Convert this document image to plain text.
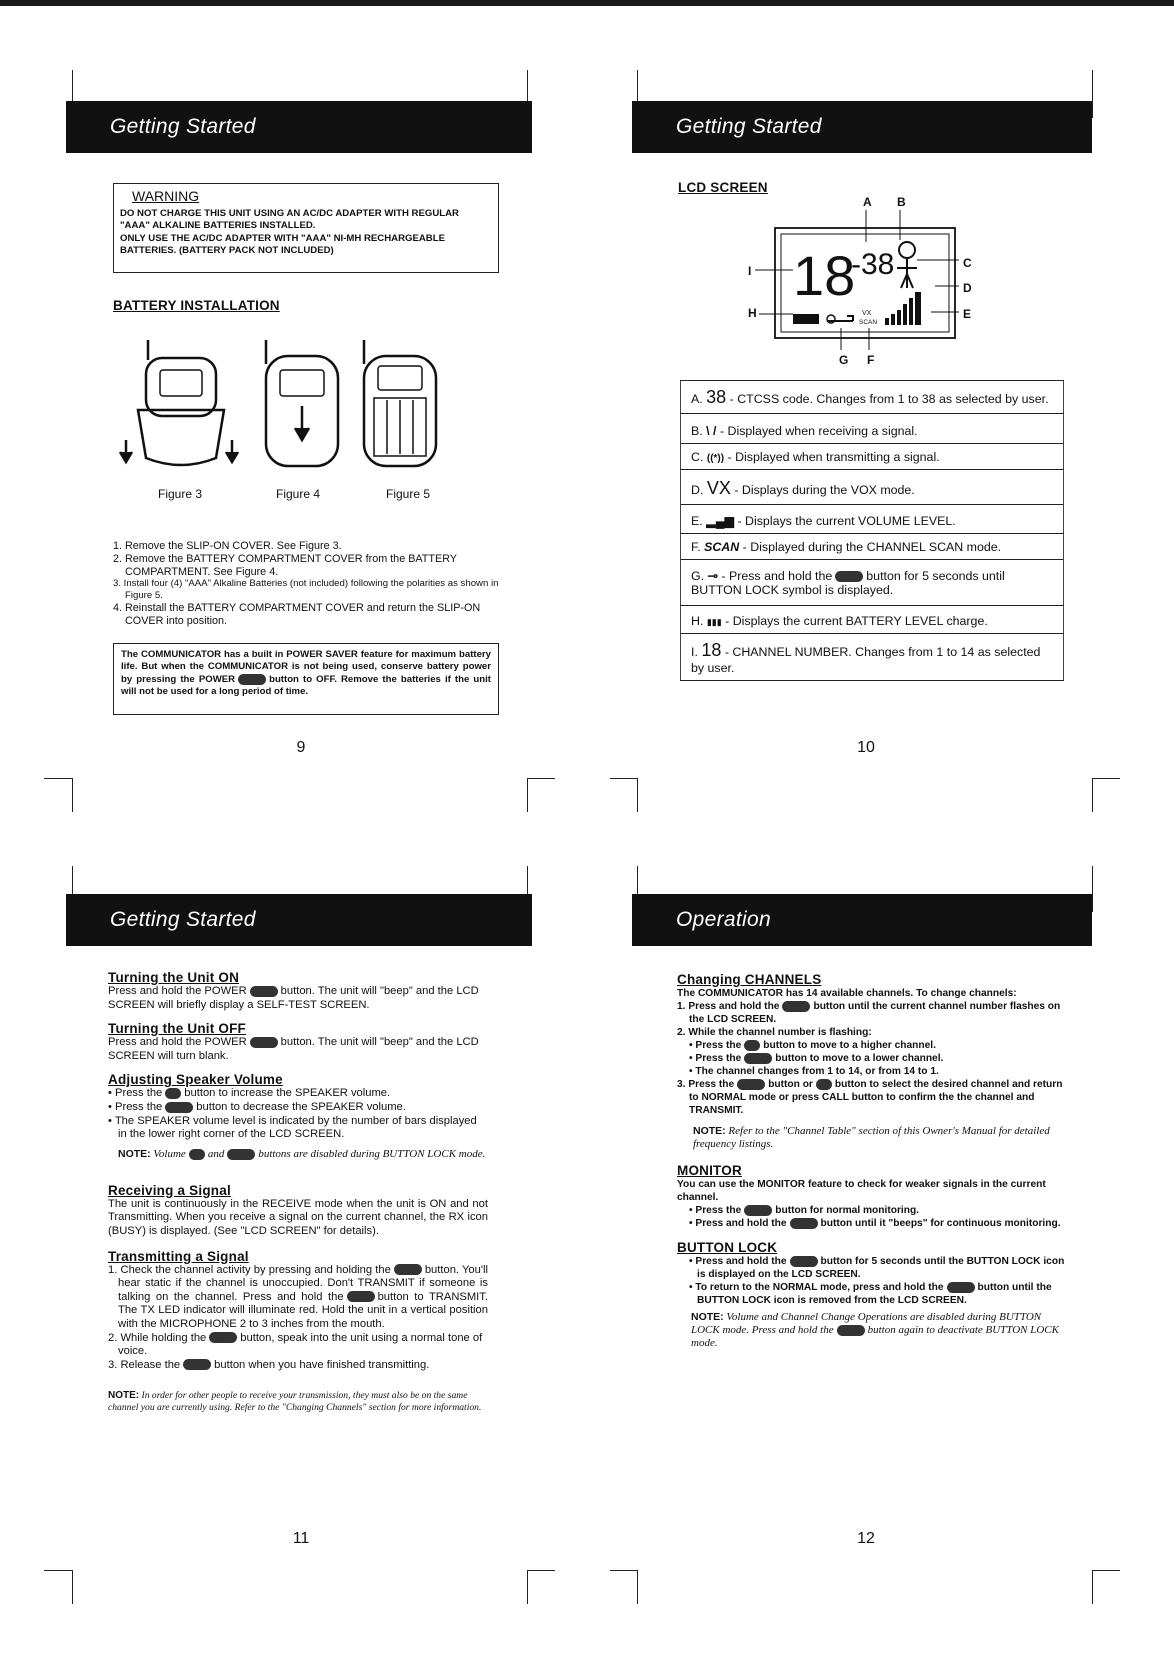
Getting Started
WARNING
DO NOT CHARGE THIS UNIT USING AN AC/DC ADAPTER WITH REGULAR
"AAA" ALKALINE BATTERIES INSTALLED.
ONLY USE THE AC/DC ADAPTER WITH "AAA" NI-MH RECHARGEABLE
BATTERIES. (BATTERY PACK NOT INCLUDED)
BATTERY INSTALLATION
Figure 3	Figure 4	Figure 5
1. Remove the SLIP-ON COVER. See Figure 3.
2. Remove the BATTERY COMPARTMENT COVER from the BATTERY COMPARTMENT. See Figure 4.
3. Install four (4) "AAA" Alkaline Batteries (not included) following the polarities as shown in Figure 5.
4. Reinstall the BATTERY COMPARTMENT COVER and return the SLIP-ON COVER into position.
The COMMUNICATOR has a built in POWER SAVER feature for maximum battery life. But when the COMMUNICATOR is not being used, conserve battery power by pressing the POWER	button to OFF. Remove the batteries if the unit will not be used for a long period of time.
9
Getting Started
LCD SCREEN
A B
C
D
E
G F
H
I 18
-38
VX
SCAN
A. 38 - CTCSS code. Changes from 1 to 38 as selected by user.
B. \ / - Displayed when receiving a signal.
C. ((*)) - Displayed when transmitting a signal.
D. VX - Displays during the VOX mode.
E. ▂▄▆ - Displays the current VOLUME LEVEL.
F. SCAN - Displayed during the CHANNEL SCAN mode.
G. ⊸ - Press and hold the	button for 5 seconds until BUTTON LOCK symbol is displayed.
H. ▮▮▮ - Displays the current BATTERY LEVEL charge.
I. 18 - CHANNEL NUMBER. Changes from 1 to 14 as selected by user.
10
Getting Started
Turning the Unit ON
Press and hold the POWER	button. The unit will "beep" and the LCD SCREEN will briefly display a SELF-TEST SCREEN.
Turning the Unit OFF
Press and hold the POWER	button. The unit will "beep" and the LCD SCREEN will turn blank.
Adjusting Speaker Volume
• Press the button to increase the SPEAKER volume.
• Press the	button to decrease the SPEAKER volume.
• The SPEAKER volume level is indicated by the number of bars displayed in the lower right corner of the LCD SCREEN.
NOTE: Volume and	buttons are disabled during BUTTON LOCK mode.
Receiving a Signal
The unit is continuously in the RECEIVE mode when the unit is ON and not Transmitting. When you receive a signal on the current channel, the RX icon (BUSY) is displayed. (See "LCD SCREEN" for details).
Transmitting a Signal
1. Check the channel activity by pressing and holding the	button. You'll hear static if the channel is unoccupied. Don't TRANSMIT if someone is talking on the channel. Press and hold the	button to TRANSMIT. The TX LED indicator will illuminate red. Hold the unit in a vertical position with the MICROPHONE 2 to 3 inches from the mouth.
2. While holding the	button, speak into the unit using a normal tone of voice.
3. Release the	button when you have finished transmitting.
NOTE: In order for other people to receive your transmission, they must also be on the same channel you are currently using. Refer to the "Changing Channels" section for more information.
11
Operation
Changing CHANNELS
The COMMUNICATOR has 14 available channels. To change channels:
1. Press and hold the	button until the current channel number flashes on the LCD SCREEN.
2. While the channel number is flashing:
• Press the button to move to a higher channel.
• Press the	button to move to a lower channel.
• The channel changes from 1 to 14, or from 14 to 1.
3. Press the	button or button to select the desired channel and return to NORMAL mode or press CALL button to confirm the the channel and TRANSMIT.
NOTE: Refer to the "Channel Table" section of this Owner's Manual for detailed frequency listings.
MONITOR
You can use the MONITOR feature to check for weaker signals in the current channel.
• Press the	button for normal monitoring.
• Press and hold the	button until it "beeps" for continuous monitoring.
BUTTON LOCK
• Press and hold the	button for 5 seconds until the BUTTON LOCK icon is displayed on the LCD SCREEN.
• To return to the NORMAL mode, press and hold the	button until the BUTTON LOCK icon is removed from the LCD SCREEN.
NOTE: Volume and Channel Change Operations are disabled during BUTTON LOCK mode. Press and hold the	button again to deactivate BUTTON LOCK mode.
12
